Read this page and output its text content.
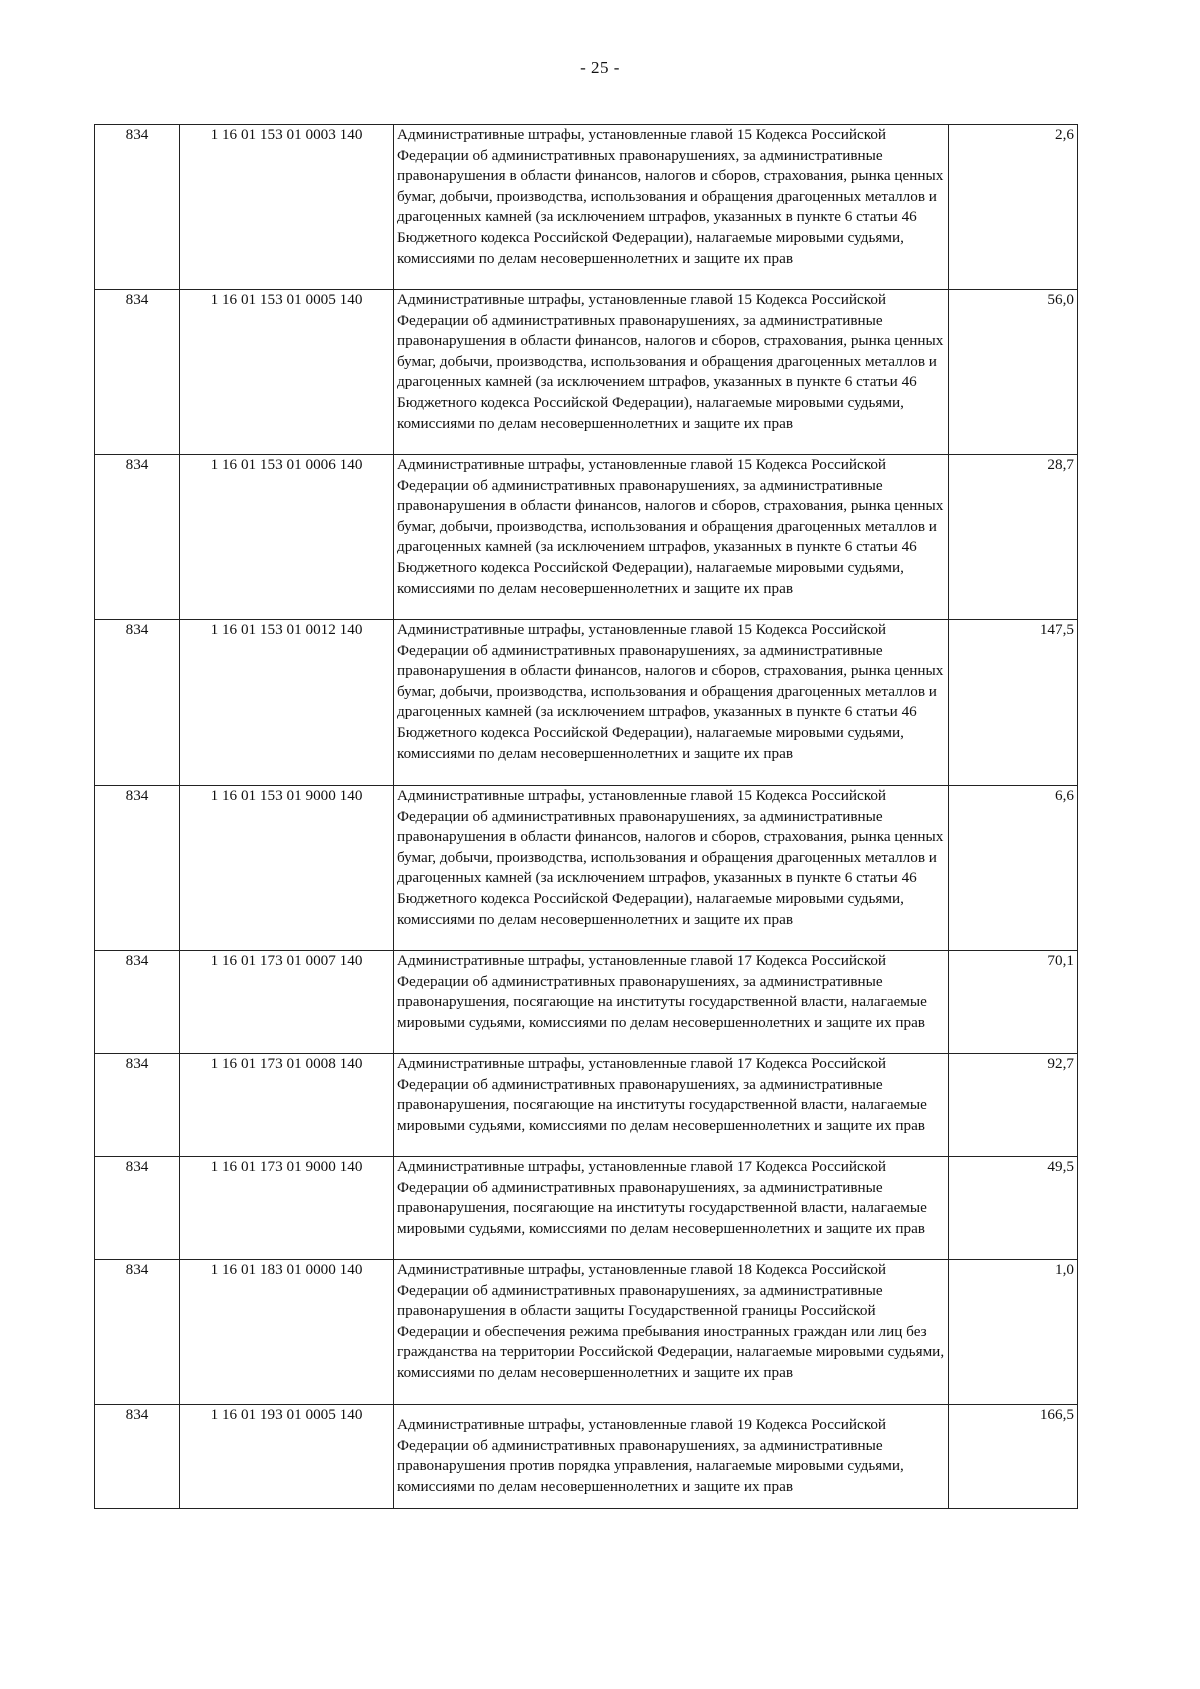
- 25 -
834	1 16 01 153 01 0003 140	Административные штрафы, установленные главой 15 Кодекса Российской Федерации об административных правонарушениях, за административные правонарушения в области финансов, налогов и сборов, страхования, рынка ценных бумаг, добычи, производства, использования и обращения драгоценных металлов и драгоценных камней (за исключением штрафов, указанных в пункте 6 статьи 46 Бюджетного кодекса Российской Федерации), налагаемые мировыми судьями, комиссиями по делам несовершеннолетних и защите их прав	2,6
834	1 16 01 153 01 0005 140	Административные штрафы, установленные главой 15 Кодекса Российской Федерации об административных правонарушениях, за административные правонарушения в области финансов, налогов и сборов, страхования, рынка ценных бумаг, добычи, производства, использования и обращения драгоценных металлов и драгоценных камней (за исключением штрафов, указанных в пункте 6 статьи 46 Бюджетного кодекса Российской Федерации), налагаемые мировыми судьями, комиссиями по делам несовершеннолетних и защите их прав	56,0
834	1 16 01 153 01 0006 140	Административные штрафы, установленные главой 15 Кодекса Российской Федерации об административных правонарушениях, за административные правонарушения в области финансов, налогов и сборов, страхования, рынка ценных бумаг, добычи, производства, использования и обращения драгоценных металлов и драгоценных камней (за исключением штрафов, указанных в пункте 6 статьи 46 Бюджетного кодекса Российской Федерации), налагаемые мировыми судьями, комиссиями по делам несовершеннолетних и защите их прав	28,7
834	1 16 01 153 01 0012 140	Административные штрафы, установленные главой 15 Кодекса Российской Федерации об административных правонарушениях, за административные правонарушения в области финансов, налогов и сборов, страхования, рынка ценных бумаг, добычи, производства, использования и обращения драгоценных металлов и драгоценных камней (за исключением штрафов, указанных в пункте 6 статьи 46 Бюджетного кодекса Российской Федерации), налагаемые мировыми судьями, комиссиями по делам несовершеннолетних и защите их прав	147,5
834	1 16 01 153 01 9000 140	Административные штрафы, установленные главой 15 Кодекса Российской Федерации об административных правонарушениях, за административные правонарушения в области финансов, налогов и сборов, страхования, рынка ценных бумаг, добычи, производства, использования и обращения драгоценных металлов и драгоценных камней (за исключением штрафов, указанных в пункте 6 статьи 46 Бюджетного кодекса Российской Федерации), налагаемые мировыми судьями, комиссиями по делам несовершеннолетних и защите их прав	6,6
834	1 16 01 173 01 0007 140	Административные штрафы, установленные главой 17 Кодекса Российской Федерации об административных правонарушениях, за административные правонарушения, посягающие на институты государственной власти, налагаемые мировыми судьями, комиссиями по делам несовершеннолетних и защите их прав	70,1
834	1 16 01 173 01 0008 140	Административные штрафы, установленные главой 17 Кодекса Российской Федерации об административных правонарушениях, за административные правонарушения, посягающие на институты государственной власти, налагаемые мировыми судьями, комиссиями по делам несовершеннолетних и защите их прав	92,7
834	1 16 01 173 01 9000 140	Административные штрафы, установленные главой 17 Кодекса Российской Федерации об административных правонарушениях, за административные правонарушения, посягающие на институты государственной власти, налагаемые мировыми судьями, комиссиями по делам несовершеннолетних и защите их прав	49,5
834	1 16 01 183 01 0000 140	Административные штрафы, установленные главой 18 Кодекса Российской Федерации об административных правонарушениях, за административные правонарушения в области защиты Государственной границы Российской Федерации и обеспечения режима пребывания иностранных граждан или лиц без гражданства на территории Российской Федерации, налагаемые мировыми судьями, комиссиями по делам несовершеннолетних и защите их прав	1,0
834	1 16 01 193 01 0005 140	Административные штрафы, установленные главой 19 Кодекса Российской Федерации об административных правонарушениях, за административные правонарушения против порядка управления, налагаемые мировыми судьями, комиссиями по делам несовершеннолетних и защите их прав	166,5
